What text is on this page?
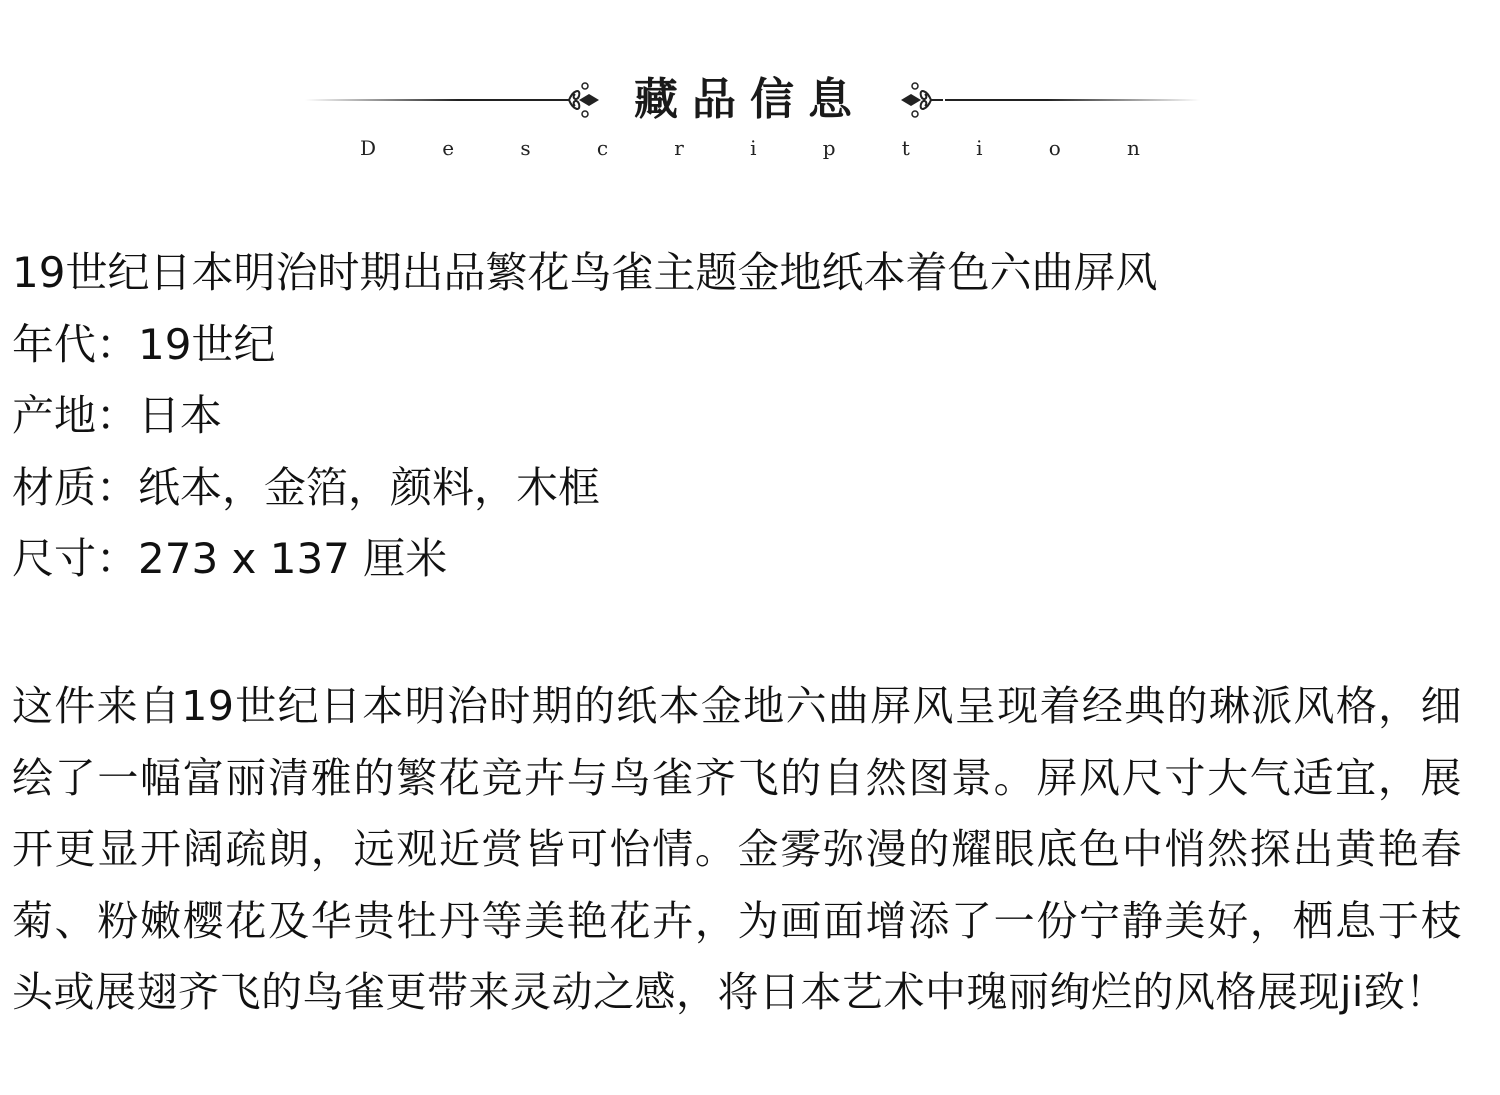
藏品信息
D	e	s	c	r	i	p	t	i	o	n
19世纪日本明治时期出品繁花鸟雀主题金地纸本着色六曲屏风
年代：19世纪
产地：日本
材质：纸本，金箔，颜料，木框
尺寸：273 x 137 厘米
这件来自19世纪日本明治时期的纸本金地六曲屏风呈现着经典的琳派风格，细绘了一幅富丽清雅的繁花竞卉与鸟雀齐飞的自然图景。屏风尺寸大气适宜，展开更显开阔疏朗，远观近赏皆可怡情。金雾弥漫的耀眼底色中悄然探出黄艳春菊、粉嫩樱花及华贵牡丹等美艳花卉，为画面增添了一份宁静美好，栖息于枝头或展翅齐飞的鸟雀更带来灵动之感，将日本艺术中瑰丽绚烂的风格展现ji致！
